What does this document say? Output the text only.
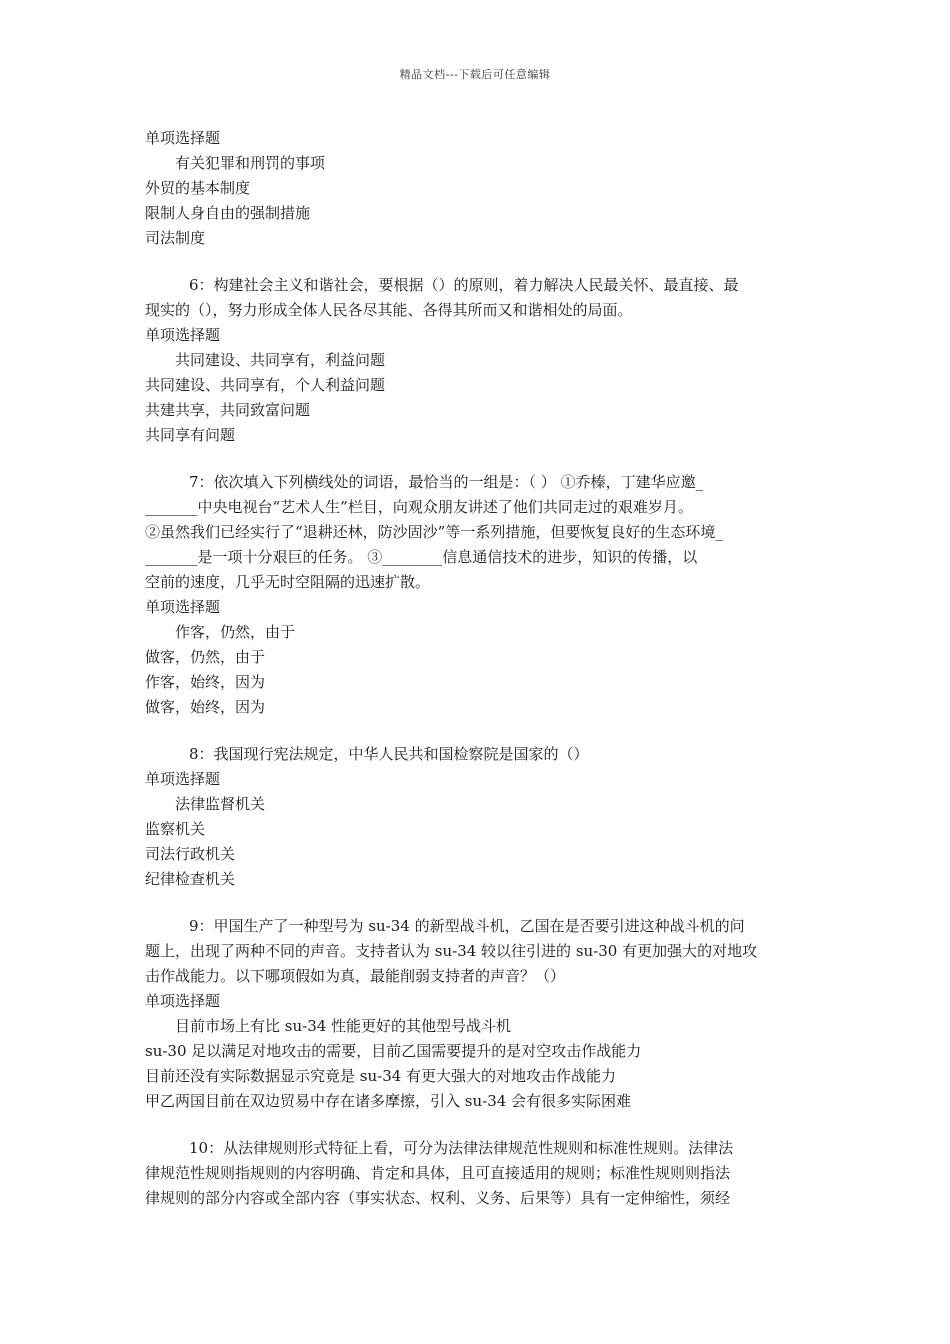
精品文档---下载后可任意编辑
单项选择题
有关犯罪和刑罚的事项
外贸的基本制度
限制人身自由的强制措施
司法制度
6：构建社会主义和谐社会，要根据（）的原则，着力解决人民最关怀、最直接、最
现实的（），努力形成全体人民各尽其能、各得其所而又和谐相处的局面。
单项选择题
共同建设、共同享有，利益问题
共同建设、共同享有，个人利益问题
共建共享，共同致富问题
共同享有问题
7：依次填入下列横线处的词语，最恰当的一组是：（ ） ①乔榛，丁建华应邀_
_______中央电视台“艺术人生”栏目，向观众朋友讲述了他们共同走过的艰难岁月。
②虽然我们已经实行了“退耕还林，防沙固沙”等一系列措施，但要恢复良好的生态环境_
_______是一项十分艰巨的任务。 ③________信息通信技术的进步，知识的传播，以
空前的速度，几乎无时空阻隔的迅速扩散。
单项选择题
作客，仍然，由于
做客，仍然，由于
作客，始终，因为
做客，始终，因为
8：我国现行宪法规定，中华人民共和国检察院是国家的（）
单项选择题
法律监督机关
监察机关
司法行政机关
纪律检查机关
9：甲国生产了一种型号为 su-34 的新型战斗机，乙国在是否要引进这种战斗机的问
题上，出现了两种不同的声音。支持者认为 su-34 较以往引进的 su-30 有更加强大的对地攻
击作战能力。以下哪项假如为真，最能削弱支持者的声音？（）
单项选择题
目前市场上有比 su-34 性能更好的其他型号战斗机
su-30 足以满足对地攻击的需要，目前乙国需要提升的是对空攻击作战能力
目前还没有实际数据显示究竟是 su-34 有更大强大的对地攻击作战能力
甲乙两国目前在双边贸易中存在诸多摩擦，引入 su-34 会有很多实际困难
10：从法律规则形式特征上看，可分为法律法律规范性规则和标准性规则。法律法
律规范性规则指规则的内容明确、肯定和具体，且可直接适用的规则；标准性规则则指法
律规则的部分内容或全部内容（事实状态、权利、义务、后果等）具有一定伸缩性，须经
